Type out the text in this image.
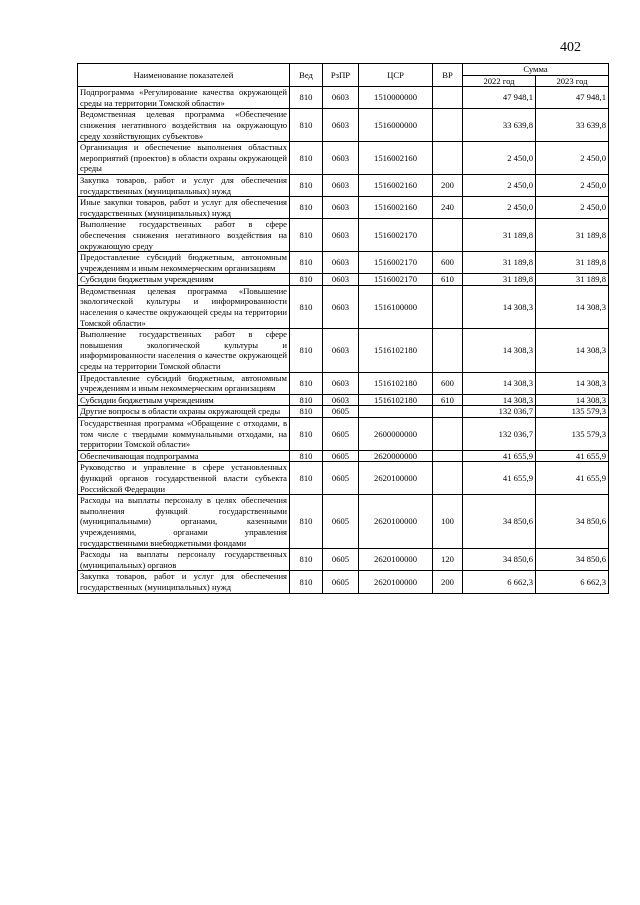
402
Наименование показателей	Вед	РзПР	ЦСР	ВР	Сумма	
					2022 год	2023 год
Подпрограмма «Регулирование качества окружающей среды на территории Томской области»	810	0603	1510000000		47 948,1	47 948,1
Ведомственная целевая программа «Обеспечение снижения негативного воздействия на окружающую среду хозяйствующих субъектов»	810	0603	1516000000		33 639,8	33 639,8
Организация и обеспечение выполнения областных мероприятий (проектов) в области охраны окружающей среды	810	0603	1516002160		2 450,0	2 450,0
Закупка товаров, работ и услуг для обеспечения государственных (муниципальных) нужд	810	0603	1516002160	200	2 450,0	2 450,0
Иные закупки товаров, работ и услуг для обеспечения государственных (муниципальных) нужд	810	0603	1516002160	240	2 450,0	2 450,0
Выполнение государственных работ в сфере обеспечения снижения негативного воздействия на окружающую среду	810	0603	1516002170		31 189,8	31 189,8
Предоставление субсидий бюджетным, автономным учреждениям и иным некоммерческим организациям	810	0603	1516002170	600	31 189,8	31 189,8
Субсидии бюджетным учреждениям	810	0603	1516002170	610	31 189,8	31 189,8
Ведомственная целевая программа «Повышение экологической культуры и информированности населения о качестве окружающей среды на территории Томской области»	810	0603	1516100000		14 308,3	14 308,3
Выполнение государственных работ в сфере повышения экологической культуры и информированности населения о качестве окружающей среды на территории Томской области	810	0603	1516102180		14 308,3	14 308,3
Предоставление субсидий бюджетным, автономным учреждениям и иным некоммерческим организациям	810	0603	1516102180	600	14 308,3	14 308,3
Субсидии бюджетным учреждениям	810	0603	1516102180	610	14 308,3	14 308,3
Другие вопросы в области охраны окружающей среды	810	0605			132 036,7	135 579,3
Государственная программа «Обращение с отходами, в том числе с твердыми коммунальными отходами, на территории Томской области»	810	0605	2600000000		132 036,7	135 579,3
Обеспечивающая подпрограмма	810	0605	2620000000		41 655,9	41 655,9
Руководство и управление в сфере установленных функций органов государственной власти субъекта Российской Федерации	810	0605	2620100000		41 655,9	41 655,9
Расходы на выплаты персоналу в целях обеспечения выполнения функций государственными (муниципальными) органами, казенными учреждениями, органами управления государственными внебюджетными фондами	810	0605	2620100000	100	34 850,6	34 850,6
Расходы на выплаты персоналу государственных (муниципальных) органов	810	0605	2620100000	120	34 850,6	34 850,6
Закупка товаров, работ и услуг для обеспечения государственных (муниципальных) нужд	810	0605	2620100000	200	6 662,3	6 662,3
